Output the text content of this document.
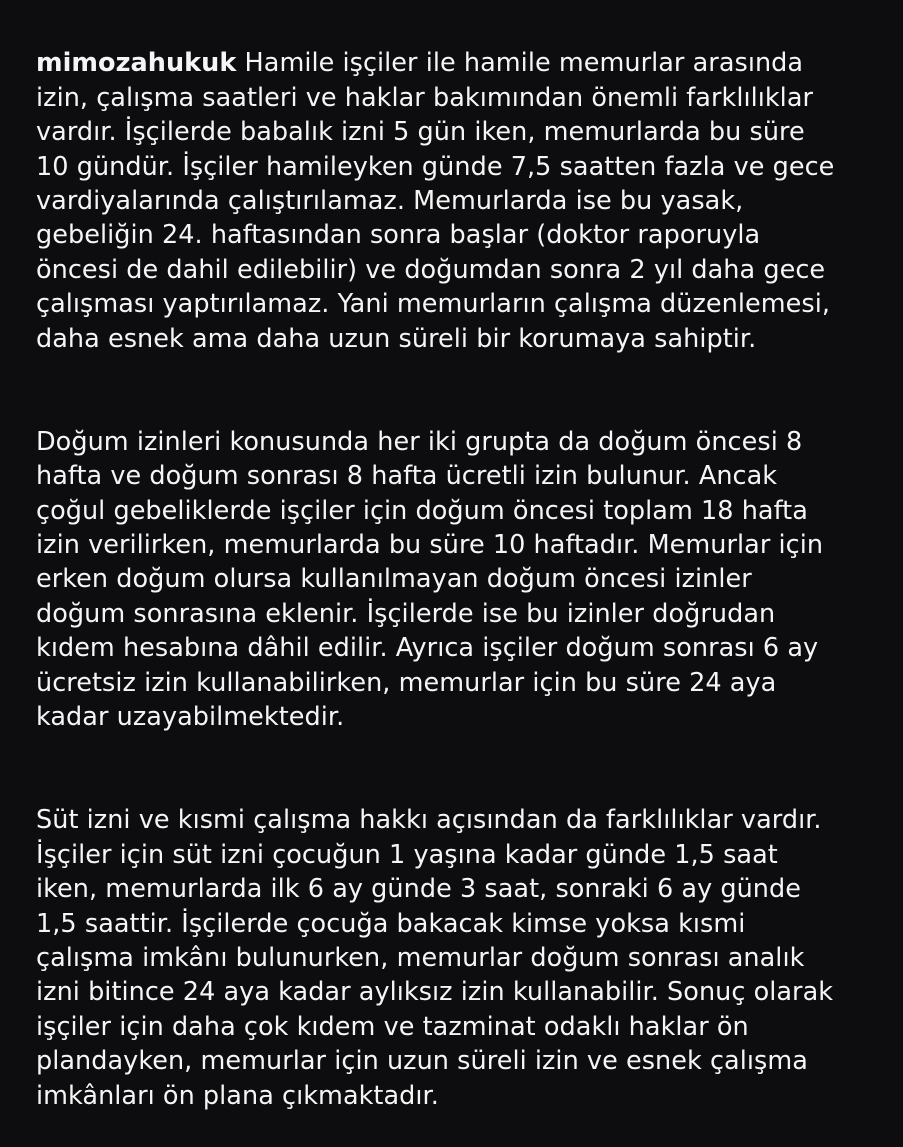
mimozahukuk Hamile işçiler ile hamile memurlar arasında
izin, çalışma saatleri ve haklar bakımından önemli farklılıklar
vardır. İşçilerde babalık izni 5 gün iken, memurlarda bu süre
10 gündür. İşçiler hamileyken günde 7,5 saatten fazla ve gece
vardiyalarında çalıştırılamaz. Memurlarda ise bu yasak,
gebeliğin 24. haftasından sonra başlar (doktor raporuyla
öncesi de dahil edilebilir) ve doğumdan sonra 2 yıl daha gece
çalışması yaptırılamaz. Yani memurların çalışma düzenlemesi,
daha esnek ama daha uzun süreli bir korumaya sahiptir.

Doğum izinleri konusunda her iki grupta da doğum öncesi 8
hafta ve doğum sonrası 8 hafta ücretli izin bulunur. Ancak
çoğul gebeliklerde işçiler için doğum öncesi toplam 18 hafta
izin verilirken, memurlarda bu süre 10 haftadır. Memurlar için
erken doğum olursa kullanılmayan doğum öncesi izinler
doğum sonrasına eklenir. İşçilerde ise bu izinler doğrudan
kıdem hesabına dâhil edilir. Ayrıca işçiler doğum sonrası 6 ay
ücretsiz izin kullanabilirken, memurlar için bu süre 24 aya
kadar uzayabilmektedir.

Süt izni ve kısmi çalışma hakkı açısından da farklılıklar vardır.
İşçiler için süt izni çocuğun 1 yaşına kadar günde 1,5 saat
iken, memurlarda ilk 6 ay günde 3 saat, sonraki 6 ay günde
1,5 saattir. İşçilerde çocuğa bakacak kimse yoksa kısmi
çalışma imkânı bulunurken, memurlar doğum sonrası analık
izni bitince 24 aya kadar aylıksız izin kullanabilir. Sonuç olarak
işçiler için daha çok kıdem ve tazminat odaklı haklar ön
plandayken, memurlar için uzun süreli izin ve esnek çalışma
imkânları ön plana çıkmaktadır.
